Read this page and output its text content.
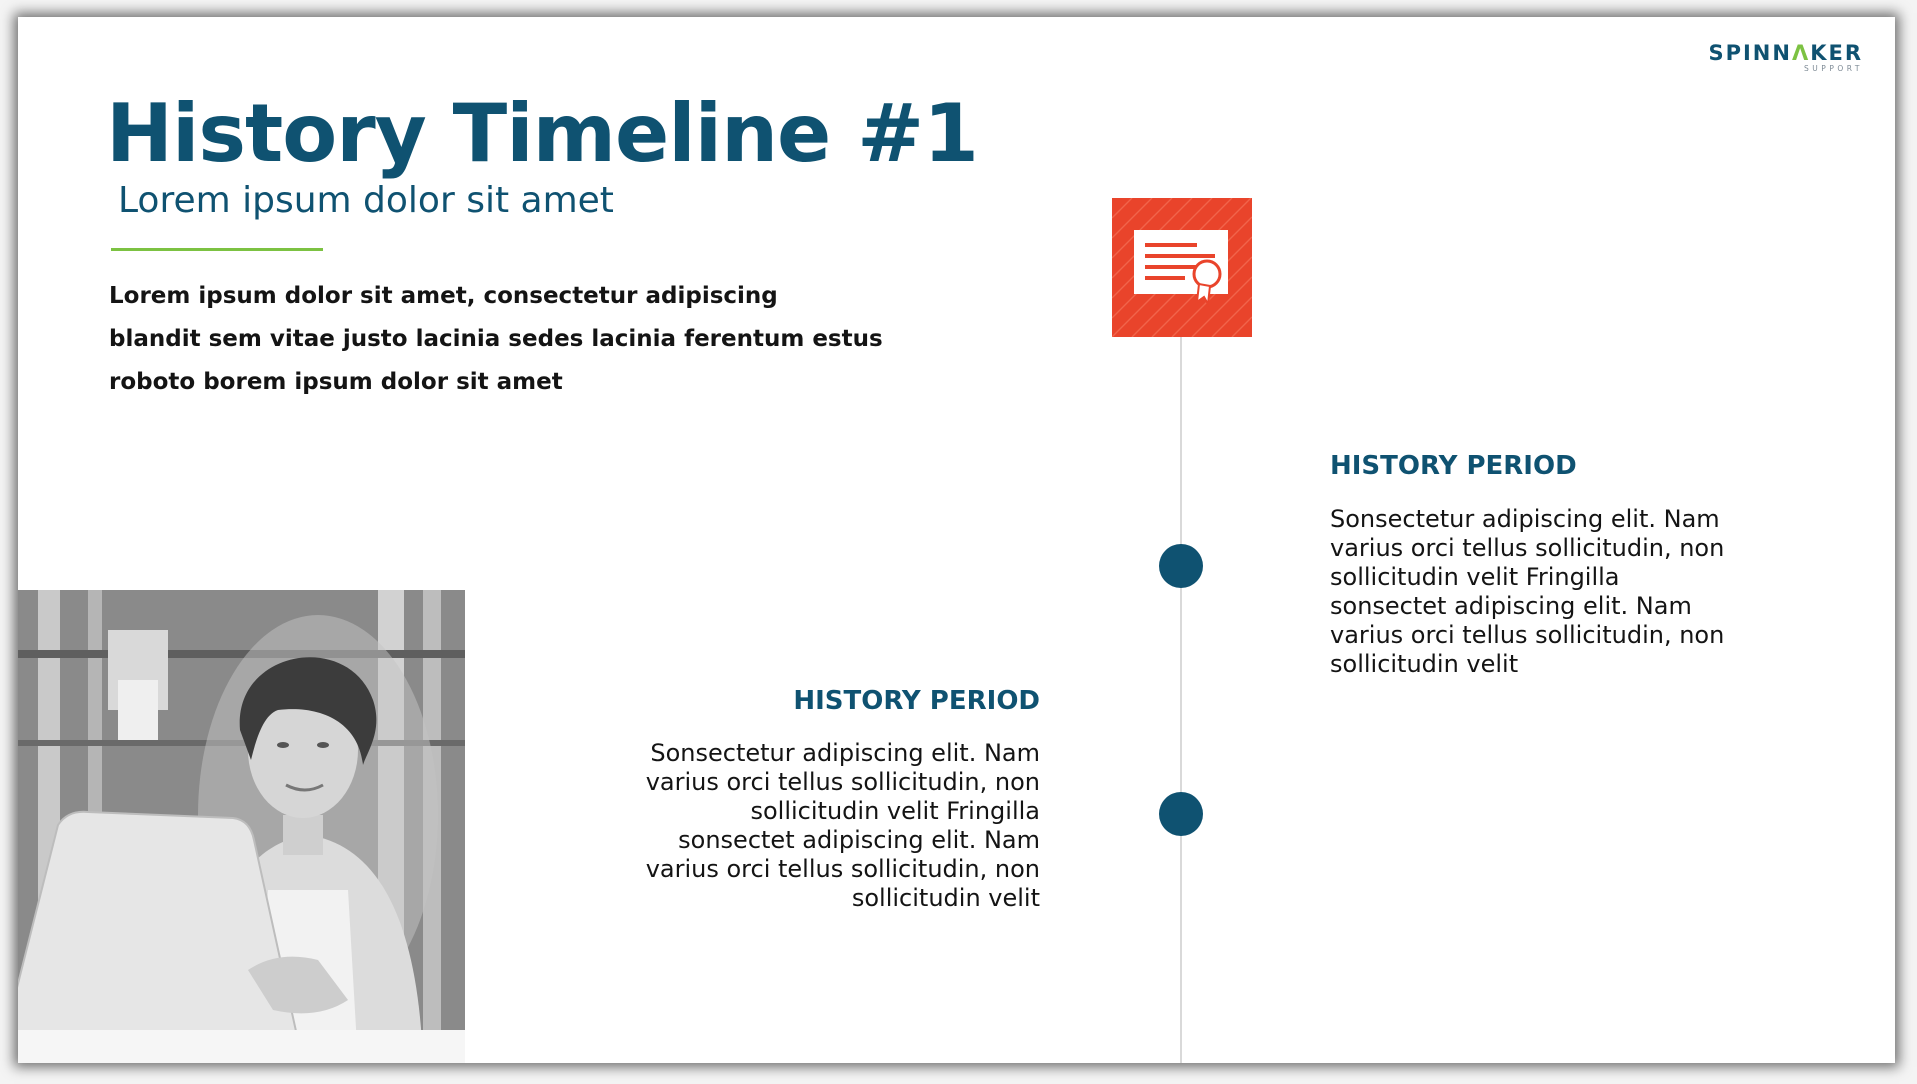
SPINN Λ KER
SUPPORT
History Timeline #1
Lorem ipsum dolor sit amet
Lorem ipsum dolor sit amet, consectetur adipiscing
blandit sem vitae justo lacinia sedes lacinia ferentum estus
roboto borem ipsum dolor sit amet
HISTORY PERIOD
Sonsectetur adipiscing elit. Nam
varius orci tellus sollicitudin, non
sollicitudin velit Fringilla
sonsectet adipiscing elit. Nam
varius orci tellus sollicitudin, non
sollicitudin velit
HISTORY PERIOD
Sonsectetur adipiscing elit. Nam
varius orci tellus sollicitudin, non
sollicitudin velit Fringilla
sonsectet adipiscing elit. Nam
varius orci tellus sollicitudin, non
sollicitudin velit
